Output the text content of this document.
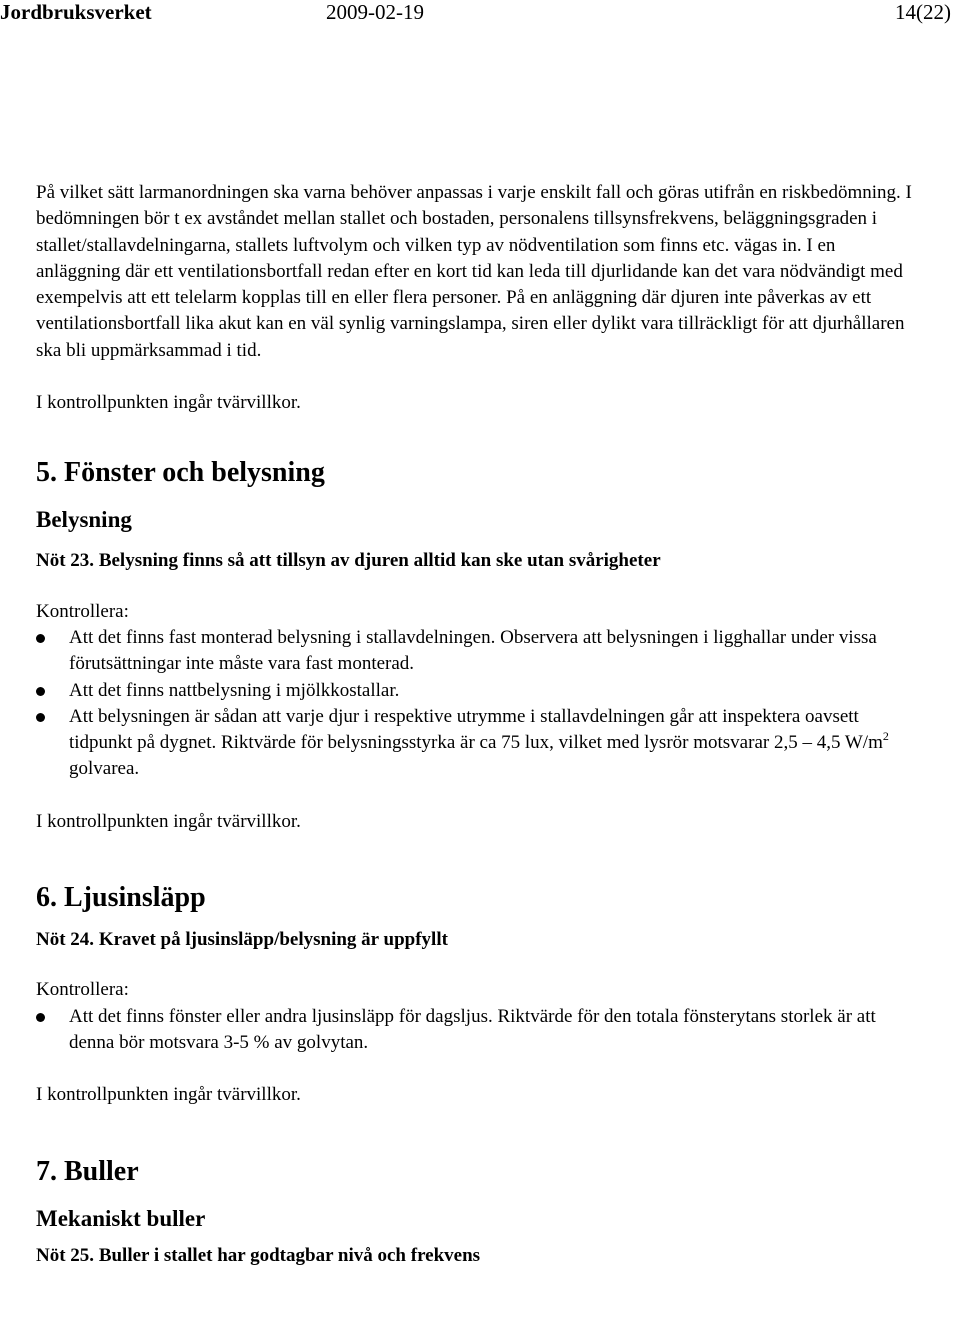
Jordbruksverket	2009-02-19	14(22)

På vilket sätt larmanordningen ska varna behöver anpassas i varje enskilt fall och göras utifrån en riskbedömning. I bedömningen bör t ex avståndet mellan stallet och bostaden, personalens tillsynsfrekvens, beläggningsgraden i stallet/stallavdelningarna, stallets luftvolym och vilken typ av nödventilation som finns etc. vägas in. I en anläggning där ett ventilationsbortfall redan efter en kort tid kan leda till djurlidande kan det vara nödvändigt med exempelvis att ett telelarm kopplas till en eller flera personer. På en anläggning där djuren inte påverkas av ett ventilationsbortfall lika akut kan en väl synlig varningslampa, siren eller dylikt vara tillräckligt för att djurhållaren ska bli uppmärksammad i tid.

I kontrollpunkten ingår tvärvillkor.

5. Fönster och belysning
Belysning

Nöt 23. Belysning finns så att tillsyn av djuren alltid kan ske utan svårigheter

Kontrollera:

Att det finns fast monterad belysning i stallavdelningen. Observera att belysningen i ligghallar under vissa förutsättningar inte måste vara fast monterad.
Att det finns nattbelysning i mjölkkostallar.
Att belysningen är sådan att varje djur i respektive utrymme i stallavdelningen går att inspektera oavsett tidpunkt på dygnet. Riktvärde för belysningsstyrka är ca 75 lux, vilket med lysrör motsvarar 2,5 – 4,5 $W/m^2$ golvarea.

I kontrollpunkten ingår tvärvillkor.

6. Ljusinsläpp

Nöt 24. Kravet på ljusinsläpp/belysning är uppfyllt

Kontrollera:

Att det finns fönster eller andra ljusinsläpp för dagsljus. Riktvärde för den totala fönsterytans storlek är att denna bör motsvara 3-5 % av golvytan.

I kontrollpunkten ingår tvärvillkor.

7. Buller
Mekaniskt buller

Nöt 25. Buller i stallet har godtagbar nivå och frekvens
